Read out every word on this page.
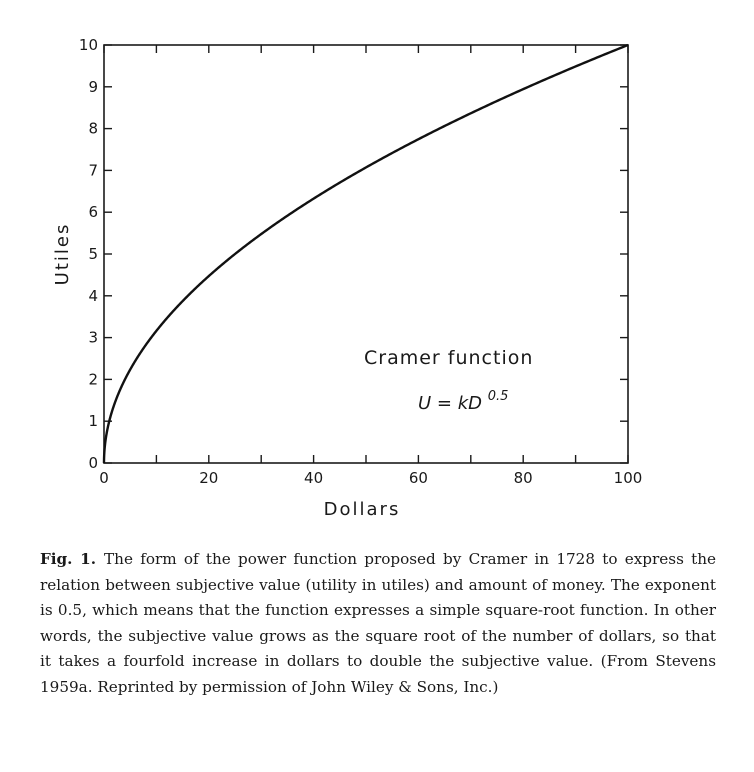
0
1
2
3
4
5
6
7
8
9
10
0	20	40	60	80	100
Dollars
Utiles
Cramer function
U = kD $^{0.5}$

Fig. 1. The form of the power function proposed by Cramer in 1728 to express the relation between subjective value (utility in utiles) and amount of money. The exponent is 0.5, which means that the function expresses a simple square-root function. In other words, the subjective value grows as the square root of the number of dollars, so that it takes a fourfold increase in dollars to double the subjective value. (From Stevens 1959a. Reprinted by permission of John Wiley & Sons, Inc.)
